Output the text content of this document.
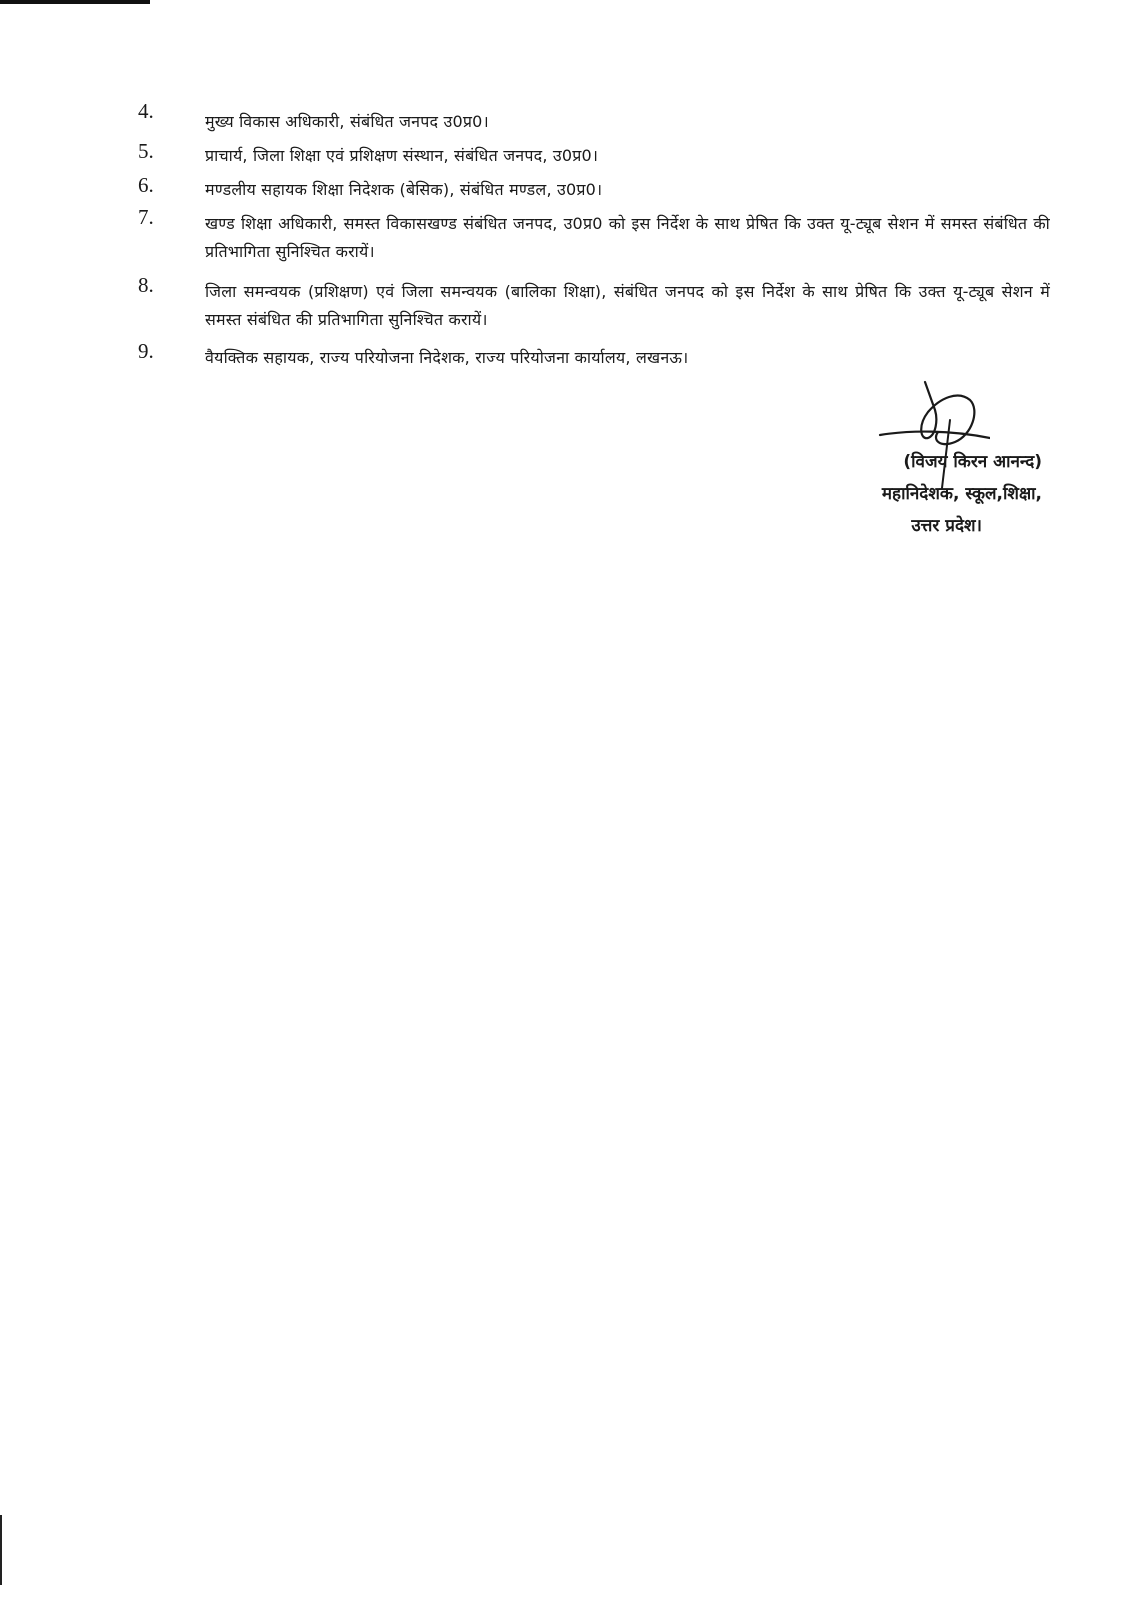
4.	मुख्य विकास अधिकारी, संबंधित जनपद उ0प्र0।
5.	प्राचार्य, जिला शिक्षा एवं प्रशिक्षण संस्थान, संबंधित जनपद, उ0प्र0।
6.	मण्डलीय सहायक शिक्षा निदेशक (बेसिक), संबंधित मण्डल, उ0प्र0।
7.	खण्ड शिक्षा अधिकारी, समस्त विकासखण्ड संबंधित जनपद, उ0प्र0 को इस निर्देश के साथ प्रेषित कि उक्त यू-ट्यूब सेशन में समस्त संबंधित की प्रतिभागिता सुनिश्चित करायें।
8.	जिला समन्वयक (प्रशिक्षण) एवं जिला समन्वयक (बालिका शिक्षा), संबंधित जनपद को इस निर्देश के साथ प्रेषित कि उक्त यू-ट्यूब सेशन में समस्त संबंधित की प्रतिभागिता सुनिश्चित करायें।
9.	वैयक्तिक सहायक, राज्य परियोजना निदेशक, राज्य परियोजना कार्यालय, लखनऊ।
(विजय किरन आनन्द)
महानिदेशक, स्कूल,शिक्षा,
उत्तर प्रदेश।
